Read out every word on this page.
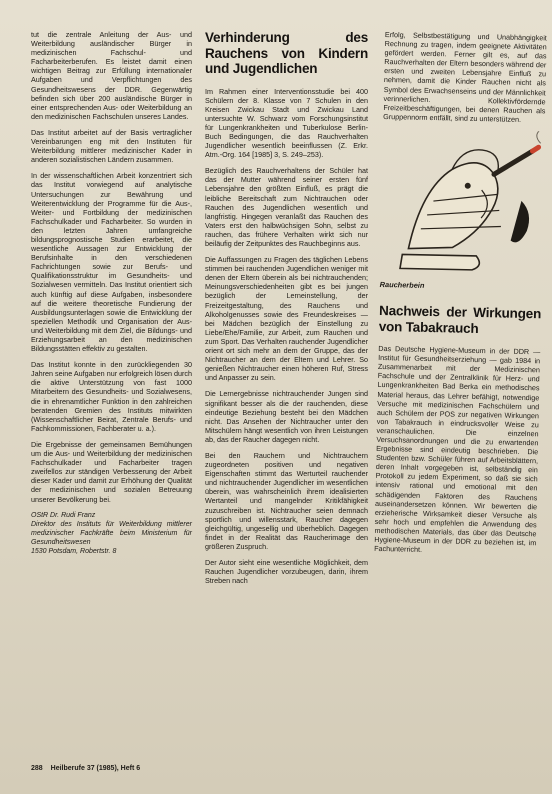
tut die zentrale Anleitung der Aus- und Weiterbildung ausländischer Bürger in medizinischen Fachschul- und Facharbeiterberufen. Es leistet damit einen wichtigen Beitrag zur Erfüllung internationaler Aufgaben und Verpflichtungen des Gesundheitswesens der DDR. Gegenwärtig befinden sich über 200 ausländische Bürger in einer entsprechenden Aus- oder Weiterbildung an den medizinischen Fachschulen unseres Landes.

Das Institut arbeitet auf der Basis vertraglicher Vereinbarungen eng mit den Instituten für Weiterbildung mittlerer medizinischer Kader in anderen sozialistischen Ländern zusammen.

In der wissenschaftlichen Arbeit konzentriert sich das Institut vorwiegend auf analytische Untersuchungen zur Bewährung und Weiterentwicklung der Programme für die Aus-, Weiter- und Fortbildung der medizinischen Fachschulkader und Facharbeiter. So wurden in den letzten Jahren umfangreiche bildungsprognostische Studien erarbeitet, die wesentliche Aussagen zur Entwicklung der Berufsinhalte in den verschiedenen Fachrichtungen sowie zur Berufs- und Qualifikationsstruktur im Gesundheits- und Sozialwesen vermitteln. Das Institut orientiert sich auch künftig auf diese Aufgaben, insbesondere auf die weitere theoretische Fundierung der Ausbildungsunterlagen sowie die Entwicklung der speziellen Methodik und Organisation der Aus- und Weiterbildung mit dem Ziel, die Bildungs- und Erziehungsarbeit an den medizinischen Bildungsstätten effektiv zu gestalten.

Das Institut konnte in den zurückliegenden 30 Jahren seine Aufgaben nur erfolgreich lösen durch die aktive Unterstützung von fast 1000 Mitarbeitern des Gesundheits- und Sozialwesens, die in ehrenamtlicher Funktion in den zahlreichen beratenden Gremien des Instituts mitwirkten (Wissenschaftlicher Beirat, Zentrale Berufs- und Fachkommissionen, Fachberater u. a.).

Die Ergebnisse der gemeinsamen Bemühungen um die Aus- und Weiterbildung der medizinischen Fachschulkader und Facharbeiter tragen zweifellos zur ständigen Verbesserung der Arbeit dieser Kader und damit zur Erhöhung der Qualität der medizinischen und sozialen Betreuung unserer Bevölkerung bei.

OStR Dr. Rudi Franz
Direktor des Instituts für Weiterbildung mittlerer medizinischer Fachkräfte beim Ministerium für Gesundheitswesen
1530 Potsdam, Robertstr. 8
Verhinderung des Rauchens von Kindern und Jugendlichen

Im Rahmen einer Interventionsstudie bei 400 Schülern der 8. Klasse von 7 Schulen in den Kreisen Zwickau Stadt und Zwickau Land untersuchte W. Schwarz vom Forschungsinstitut für Lungenkrankheiten und Tuberkulose Berlin-Buch Bedingungen, die das Rauchverhalten Jugendlicher wesentlich beeinflussen (Z. Erkr. Atm.-Org. 164 [1985] 3, S. 249–253).

Bezüglich des Rauchverhaltens der Schüler hat das der Mutter während seiner ersten fünf Lebensjahre den größten Einfluß, es prägt die leibliche Bereitschaft zum Nichtrauchen oder Rauchen des Jugendlichen wesentlich und langfristig. Hingegen veranlaßt das Rauchen des Vaters erst den halbwüchsigen Sohn, selbst zu rauchen, das frühere Verhalten wirkt sich nur beiläufig der Zeitpunktes des Rauchbeginns aus.

Die Auffassungen zu Fragen des täglichen Lebens stimmen bei rauchenden Jugendlichen weniger mit denen der Eltern überein als bei nichtrauchenden; Meinungsverschiedenheiten gibt es bei jungen bezüglich der Lerneinstellung, der Freizeitgestaltung, des Rauchens und Alkoholgenusses sowie des Freundeskreises — bei Mädchen bezüglich der Einstellung zu Liebe/Ehe/Familie, zur Arbeit, zum Rauchen und zum Sport. Das Verhalten rauchender Jugendlicher orient ort sich mehr an dem der Gruppe, das der Nichtraucher an dem der Eltern und Lehrer. So genießen Nichtraucher einen höheren Ruf, Stress und Anpasser zu sein.

Die Lernergebnisse nichtrauchender Jungen sind signifikant besser als die der rauchenden, diese eindeutige Beziehung besteht bei den Mädchen nicht. Das Ansehen der Nichtraucher unter den Mitschülern hängt wesentlich von ihren Leistungen ab, das der Raucher dagegen nicht.

Bei den Rauchern und Nichtrauchern zugeordneten positiven und negativen Eigenschaften stimmt das Werturteil rauchender und nichtrauchender Jugendlicher im wesentlichen überein, was wahrscheinlich ihrem idealisierten Wertanteil und mangelnder Kritikfähigkeit zuzuschreiben ist. Nichtraucher seien demnach sportlich und willensstark, Raucher dagegen gleichgültig, ungesellig und überheblich. Dagegen findet in der Realität das Raucherimage den größeren Zuspruch.

Der Autor sieht eine wesentliche Möglichkeit, dem Rauchen Jugendlicher vorzubeugen, darin, ihrem Streben nach

Erfolg, Selbstbestätigung und Unabhängigkeit Rechnung zu tragen, indem geeignete Aktivitäten gefördert werden. Ferner gilt es, auf das Rauchverhalten der Eltern besonders während der ersten und zweiten Lebensjahre Einfluß zu nehmen, damit die Kinder Rauchen nicht als Symbol des Erwachsenseins und der Männlichkeit verinnerlichen. Kollektivfördernde Freizeitbeschäftigungen, bei denen Rauchen als Gruppennorm entfällt, sind zu unterstützen.

Raucherbein
Nachweis der Wirkungen von Tabakrauch

Das Deutsche Hygiene-Museum in der DDR — Institut für Gesundheitserziehung — gab 1984 in Zusammenarbeit mit der Medizinischen Fachschule und der Zentralklinik für Herz- und Lungenkrankheiten Bad Berka ein methodisches Material heraus, das Lehrer befähigt, notwendige Versuche mit medizinischen Fachschülern und auch Schülern der POS zur negativen Wirkungen von Tabakrauch in eindrucksvoller Weise zu veranschaulichen. Die einzelnen Versuchsanordnungen und die zu erwartenden Ergebnisse sind eindeutig beschrieben. Die Studenten bzw. Schüler führen auf Arbeitsblättern, deren Inhalt vorgegeben ist, selbständig ein Protokoll zu jedem Experiment, so daß sie sich intensiv rational und emotional mit den schädigenden Faktoren des Rauchens auseinandersetzen können. Wir bewerten die erzieherische Wirksamkeit dieser Versuche als sehr hoch und empfehlen die Anwendung des methodischen Materials, das über das Deutsche Hygiene-Museum in der DDR zu beziehen ist, im Fachunterricht.

288 Heilberufe 37 (1985), Heft 6
